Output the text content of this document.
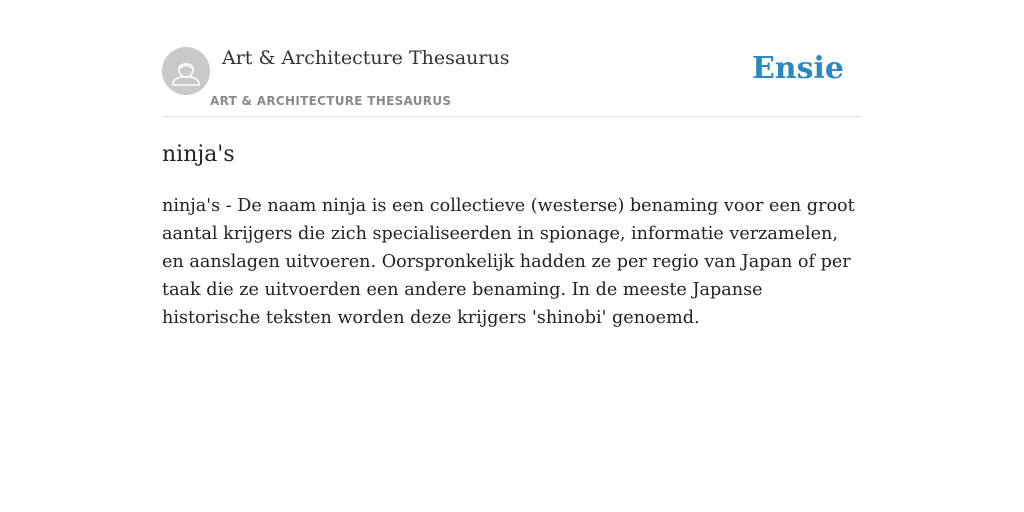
Art & Architecture Thesaurus
ART & ARCHITECTURE THESAURUS
Ensie
ninja's

ninja's - De naam ninja is een collectieve (westerse) benaming voor een groot aantal krijgers die zich specialiseerden in spionage, informatie verzamelen, en aanslagen uitvoeren. Oorspronkelijk hadden ze per regio van Japan of per taak die ze uitvoerden een andere benaming. In de meeste Japanse historische teksten worden deze krijgers 'shinobi' genoemd.
